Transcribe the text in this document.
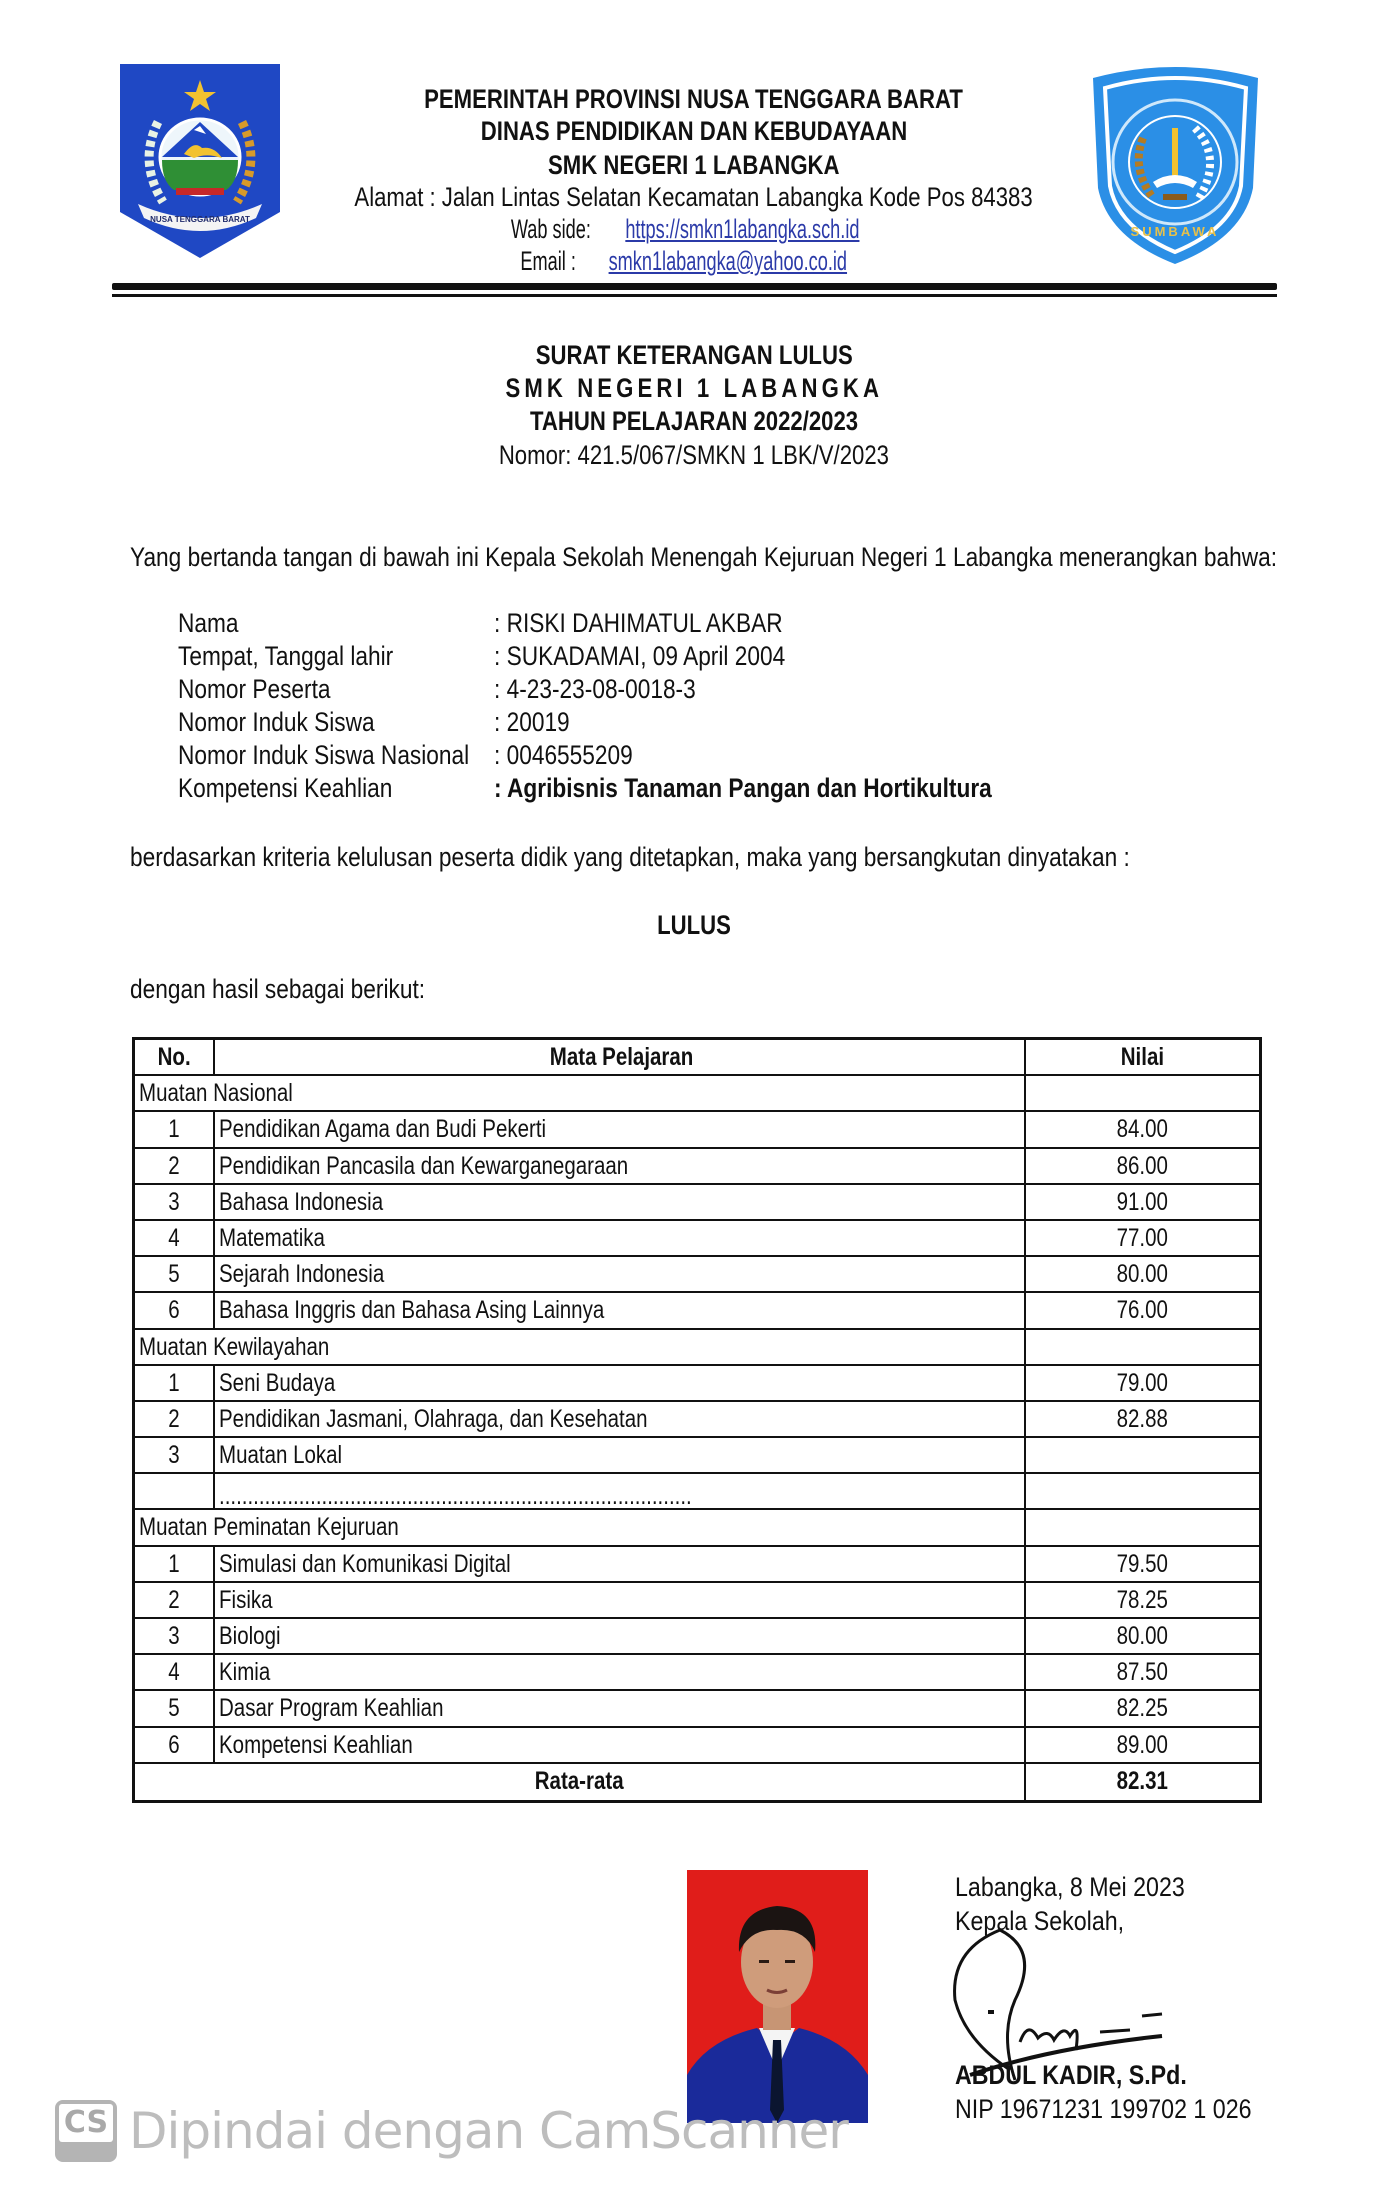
NUSA TENGGARA BARAT
PEMERINTAH PROVINSI NUSA TENGGARA BARAT
DINAS PENDIDIKAN DAN KEBUDAYAAN
SMK NEGERI 1 LABANGKA
Alamat : Jalan Lintas Selatan Kecamatan Labangka Kode Pos 84383
Wab side:https://smkn1labangka.sch.id
Email :smkn1labangka@yahoo.co.id
SUMBAWA
SURAT KETERANGAN LULUS
SMK NEGERI 1 LABANGKA
TAHUN PELAJARAN 2022/2023
Nomor: 421.5/067/SMKN 1 LBK/V/2023
Yang bertanda tangan di bawah ini Kepala Sekolah Menengah Kejuruan Negeri 1 Labangka menerangkan bahwa:
Nama	: RISKI DAHIMATUL AKBAR
Tempat, Tanggal lahir	: SUKADAMAI, 09 April 2004
Nomor Peserta	: 4-23-23-08-0018-3
Nomor Induk Siswa	: 20019
Nomor Induk Siswa Nasional : 0046555209
Kompetensi Keahlian	: Agribisnis Tanaman Pangan dan Hortikultura
berdasarkan kriteria kelulusan peserta didik yang ditetapkan, maka yang bersangkutan dinyatakan :
LULUS
dengan hasil sebagai berikut:
No.	Mata Pelajaran	Nilai
Muatan Nasional
1	Pendidikan Agama dan Budi Pekerti	84.00
2	Pendidikan Pancasila dan Kewarganegaraan	86.00
3	Bahasa Indonesia	91.00
4	Matematika	77.00
5	Sejarah Indonesia	80.00
6	Bahasa Inggris dan Bahasa Asing Lainnya	76.00
Muatan Kewilayahan
1	Seni Budaya	79.00
2	Pendidikan Jasmani, Olahraga, dan Kesehatan	82.88
3	Muatan Lokal
...................................................................................
Muatan Peminatan Kejuruan
1	Simulasi dan Komunikasi Digital	79.50
2	Fisika	78.25
3	Biologi	80.00
4	Kimia	87.50
5	Dasar Program Keahlian	82.25
6	Kompetensi Keahlian	89.00
Rata-rata	82.31
Labangka, 8 Mei 2023
Kepala Sekolah,
ABDUL KADIR, S.Pd.
NIP 19671231 199702 1 026
CS Dipindai dengan CamScanner
